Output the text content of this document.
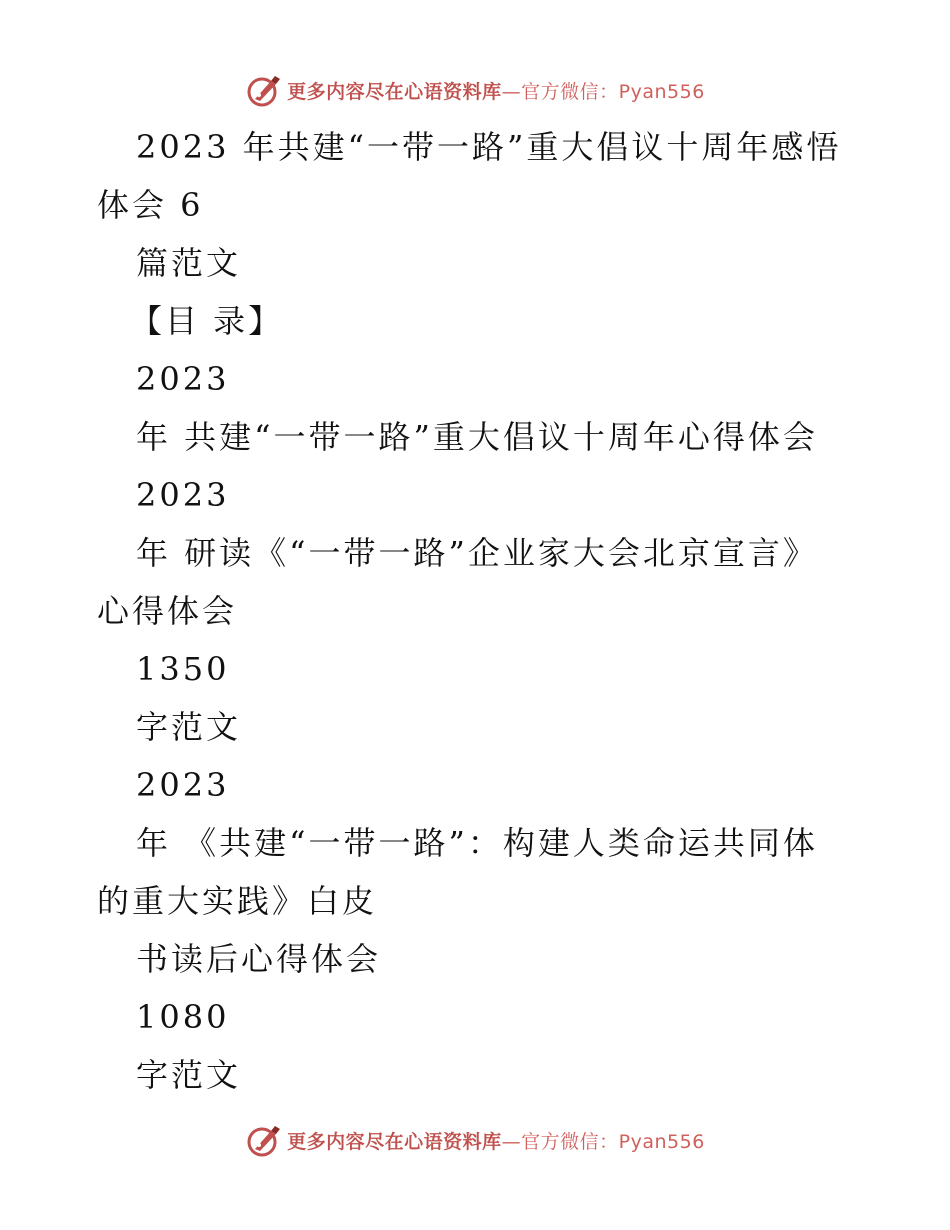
更多内容尽在心语资料库—官方微信：Pyan556
2023 年共建“一带一路”重大倡议十周年感悟
体会 6
篇范文
【目 录】
2023
年 共建“一带一路”重大倡议十周年心得体会
2023
年 研读《“一带一路”企业家大会北京宣言》
心得体会
1350
字范文
2023
年 《共建“一带一路”：构建人类命运共同体
的重大实践》白皮
书读后心得体会
1080
字范文
更多内容尽在心语资料库—官方微信：Pyan556
